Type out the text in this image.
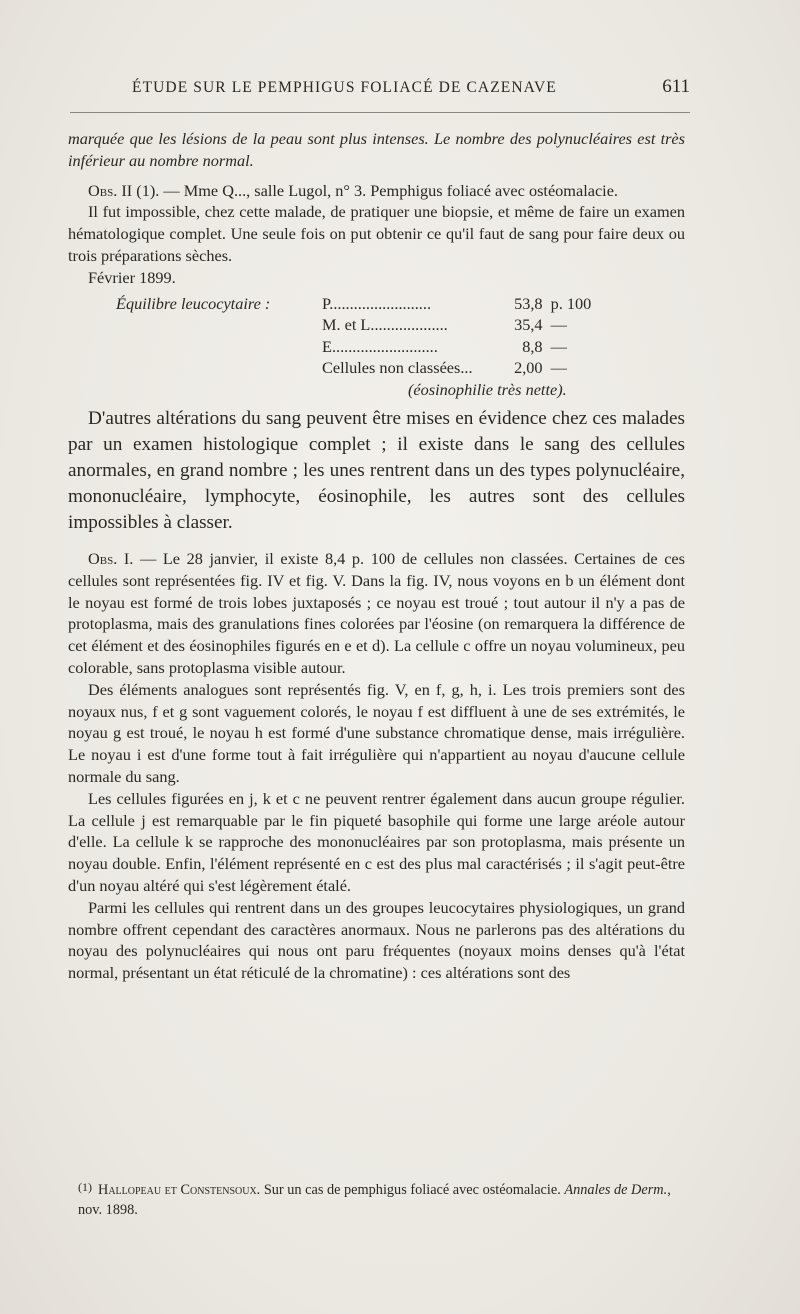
ÉTUDE SUR LE PEMPHIGUS FOLIACÉ DE CAZENAVE	611

marquée que les lésions de la peau sont plus intenses. Le nombre des polynucléaires est très inférieur au nombre normal.

Obs. II (1). — Mme Q..., salle Lugol, n° 3. Pemphigus foliacé avec ostéomalacie.

Il fut impossible, chez cette malade, de pratiquer une biopsie, et même de faire un examen hématologique complet. Une seule fois on put obtenir ce qu'il faut de sang pour faire deux ou trois préparations sèches.

Février 1899.

Équilibre leucocytaire :	P.........................	53,8	p. 100
	M. et L...................	35,4	—
	E..........................	8,8	—
	Cellules non classées...	2,00	—
	(éosinophilie très nette).		

D'autres altérations du sang peuvent être mises en évidence chez ces malades par un examen histologique complet ; il existe dans le sang des cellules anormales, en grand nombre ; les unes rentrent dans un des types polynucléaire, mononucléaire, lymphocyte, éosinophile, les autres sont des cellules impossibles à classer.

Obs. I. — Le 28 janvier, il existe 8,4 p. 100 de cellules non classées. Certaines de ces cellules sont représentées fig. IV et fig. V. Dans la fig. IV, nous voyons en b un élément dont le noyau est formé de trois lobes juxtaposés ; ce noyau est troué ; tout autour il n'y a pas de protoplasma, mais des granulations fines colorées par l'éosine (on remarquera la différence de cet élément et des éosinophiles figurés en e et d). La cellule c offre un noyau volumineux, peu colorable, sans protoplasma visible autour.

Des éléments analogues sont représentés fig. V, en f, g, h, i. Les trois premiers sont des noyaux nus, f et g sont vaguement colorés, le noyau f est diffluent à une de ses extrémités, le noyau g est troué, le noyau h est formé d'une substance chromatique dense, mais irrégulière. Le noyau i est d'une forme tout à fait irrégulière qui n'appartient au noyau d'aucune cellule normale du sang.

Les cellules figurées en j, k et c ne peuvent rentrer également dans aucun groupe régulier. La cellule j est remarquable par le fin piqueté basophile qui forme une large aréole autour d'elle. La cellule k se rapproche des mononucléaires par son protoplasma, mais présente un noyau double. Enfin, l'élément représenté en c est des plus mal caractérisés ; il s'agit peut-être d'un noyau altéré qui s'est légèrement étalé.

Parmi les cellules qui rentrent dans un des groupes leucocytaires physiologiques, un grand nombre offrent cependant des caractères anormaux. Nous ne parlerons pas des altérations du noyau des polynucléaires qui nous ont paru fréquentes (noyaux moins denses qu'à l'état normal, présentant un état réticulé de la chromatine) : ces altérations sont des

$^{(1)}$ Hallopeau et Constensoux. Sur un cas de pemphigus foliacé avec ostéomalacie. Annales de Derm., nov. 1898.
